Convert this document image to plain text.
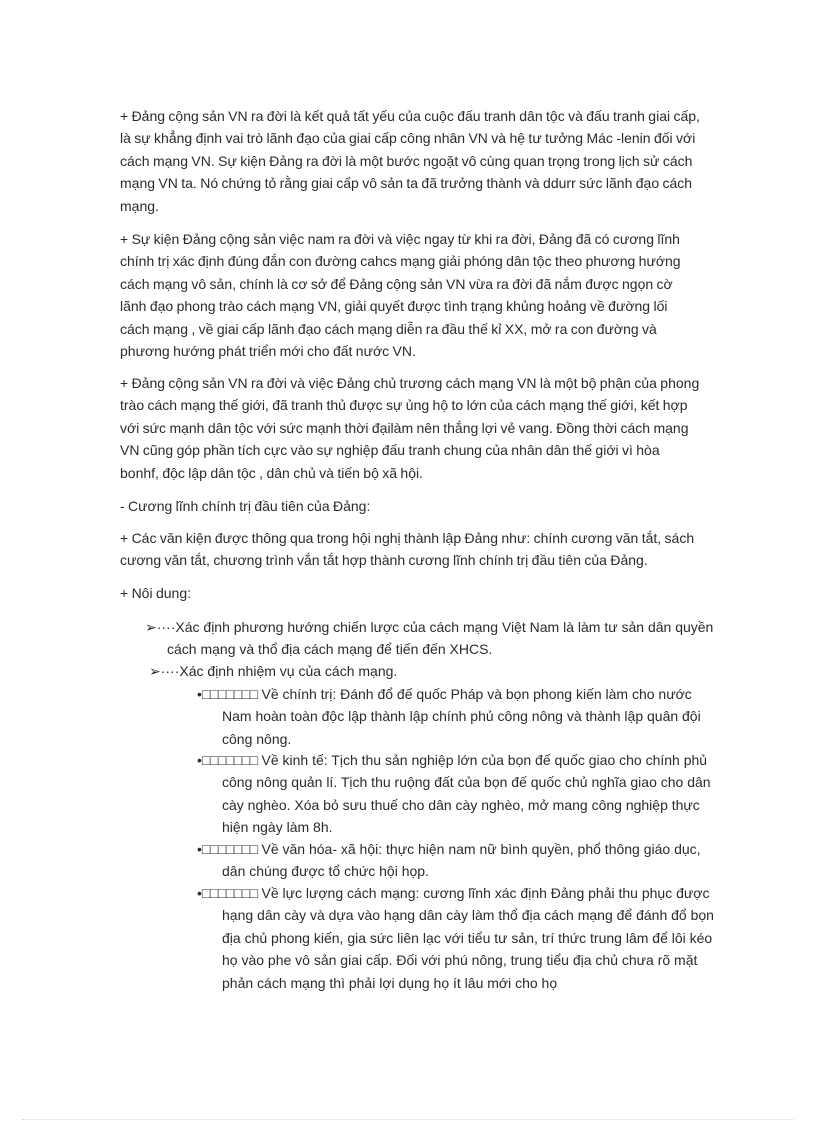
+ Đảng cộng sản VN ra đời là kết quả tất yếu của cuộc đấu tranh dân tộc và đấu tranh giai cấp, là sự khẳng định vai trò lãnh đạo của giai cấp công nhân VN và hệ tư tưởng Mác -lenin đối với cách mạng VN. Sự kiện Đảng ra đời là một bước ngoặt vô cùng quan trọng trong lịch sử cách mạng VN ta. Nó chứng tỏ rằng giai cấp vô sản ta đã trưởng thành và ddurr sức lãnh đạo cách mạng.

+ Sự kiện Đảng cộng sản việc nam ra đời và việc ngay từ khi ra đời, Đảng đã có cương lĩnh chính trị xác định đúng đắn con đường cahcs mạng giải phóng dân tộc theo phương hướng cách mạng vô sản, chính là cơ sở để Đảng cộng sản VN vừa ra đời đã nắm được ngọn cờ lãnh đạo phong trào cách mạng VN, giải quyết được tình trạng khủng hoảng về đường lối cách mạng , về giai cấp lãnh đạo cách mạng diễn ra đầu thế kỉ XX, mở ra con đường và phương hướng phát triển mới cho đất nước VN.

+ Đảng cộng sản VN ra đời và việc Đảng chủ trương cách mạng VN là một bộ phận của phong trào cách mạng thế giới, đã tranh thủ được sự ủng hộ to lớn của cách mạng thế giới, kết hợp với sức mạnh dân tộc với sức mạnh thời đạilàm nên thắng lợi vẻ vang. Đồng thời cách mạng VN cũng góp phần tích cực vào sự nghiệp đấu tranh chung của nhân dân thế giới vì hòa bonhf, độc lập dân tộc , dân chủ và tiến bộ xã hội.

- Cương lĩnh chính trị đầu tiên của Đảng:

+ Các văn kiện được thông qua trong hội nghị thành lập Đảng như: chính cương văn tắt, sách cương văn tắt, chương trình vắn tắt hợp thành cương lĩnh chính trị đầu tiên của Đảng.

+ Nôi dung:

➢····Xác định phương hướng chiến lược của cách mạng Việt Nam là làm tư sản dân quyền cách mạng và thổ địa cách mạng để tiến đến XHCS.

➢····Xác định nhiệm vụ của cách mạng.

•□□□□□□□ Về chính trị: Đánh đổ đế quốc Pháp và bọn phong kiến làm cho nước Nam hoàn toàn độc lập thành lập chính phủ công nông và thành lập quân đội công nông.

•□□□□□□□ Về kinh tế: Tịch thu sản nghiệp lớn của bọn đế quốc giao cho chính phủ công nông quản lí. Tịch thu ruộng đất của bọn đế quốc chủ nghĩa giao cho dân cày nghèo. Xóa bỏ sưu thuế cho dân cày nghèo, mở mang công nghiệp thực hiện ngày làm 8h.

•□□□□□□□ Về văn hóa- xã hội: thực hiện nam nữ bình quyền, phổ thông giáo dục, dân chúng được tổ chức hội họp.

•□□□□□□□ Về lực lượng cách mạng: cương lĩnh xác định Đảng phải thu phục được hạng dân cày và dựa vào hạng dân cày làm thổ địa cách mạng để đánh đổ bọn địa chủ phong kiến, gia sức liên lạc với tiểu tư sản, trí thức trung lâm để lôi kéo họ vào phe vô sản giai cấp. Đối với phú nông, trung tiểu địa chủ chưa rõ mặt phản cách mạng thì phải lợi dụng họ ít lâu mới cho họ
